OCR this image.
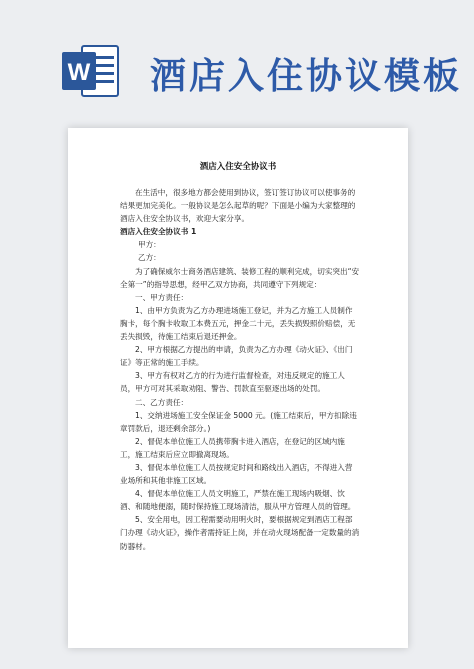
W 酒店入住协议模板
酒店入住安全协议书

在生活中，很多地方都会使用到协议，签订签订协议可以使事务的结果更加完美化。一般协议是怎么起草的呢？下面是小编为大家整理的酒店入住安全协议书，欢迎大家分享。

酒店入住安全协议书 1

甲方：

乙方：

为了确保威尔士商务酒店建筑、装修工程的顺利完成，切实突出“安全第一”的指导思想，经甲乙双方协商，共同遵守下列规定：

一、甲方责任：

1、由甲方负责为乙方办理进场施工登记，并为乙方施工人员制作胸卡，每个胸卡收取工本费五元，押金二十元，丢失损毁照价赔偿，无丢失损毁，待施工结束后退还押金。

2、甲方根据乙方提出的申请，负责为乙方办理《动火证》、《出门证》等正常的施工手续。

3、甲方有权对乙方的行为进行监督检查，对违反规定的施工人员，甲方可对其采取劝阻、警告、罚款直至驱逐出场的处罚。

二、乙方责任：

1、交纳进场施工安全保证金 5000 元。(施工结束后，甲方扣除违章罚款后，退还剩余部分。)

2、督促本单位施工人员携带胸卡进入酒店，在登记的区域内施工，施工结束后应立即撤离现场。

3、督促本单位施工人员按规定时间和路线出入酒店，不得进入营业场所和其他非施工区域。

4、督促本单位施工人员文明施工，严禁在施工现场内吸烟、饮酒、和随地便溺，随时保持施工现场清洁，服从甲方管理人员的管理。

5、安全用电，因工程需要动用明火时，要根据规定到酒店工程部门办理《动火证》，操作者需持证上岗，并在动火现场配备一定数量的消防器材。
